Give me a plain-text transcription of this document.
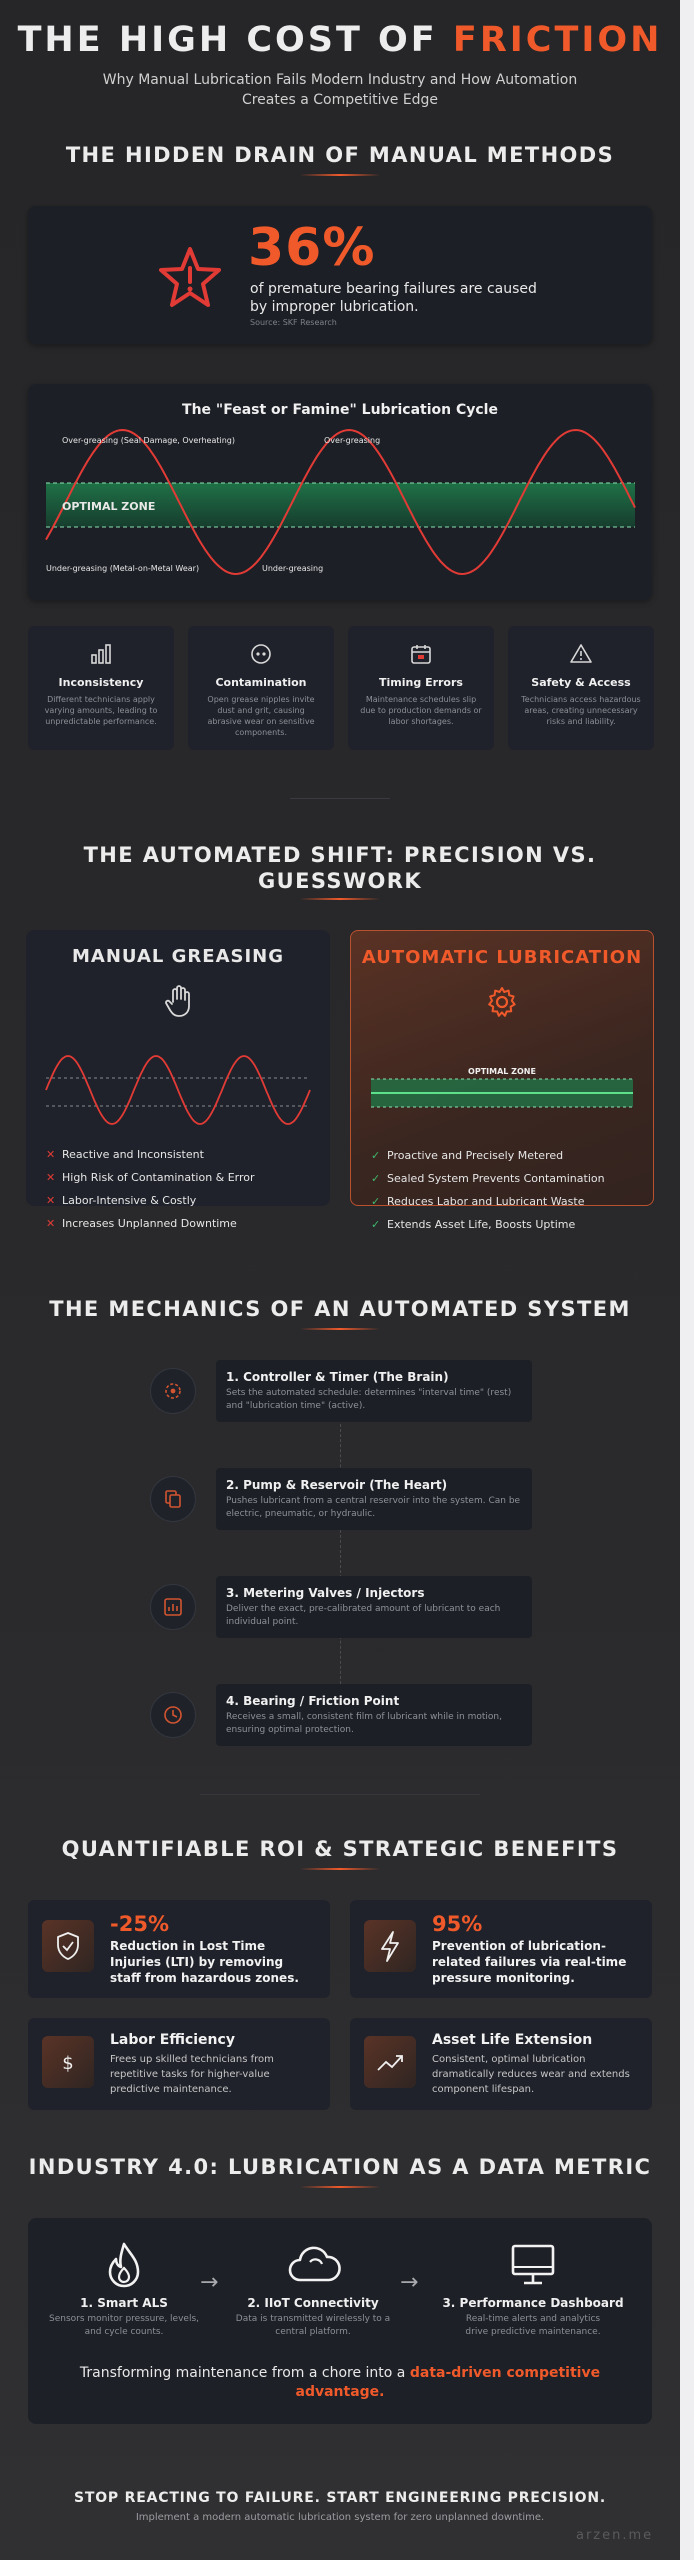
THE HIGH COST OF FRICTION
Why Manual Lubrication Fails Modern Industry and How Automation Creates a Competitive Edge
THE HIDDEN DRAIN OF MANUAL METHODS
36%
of premature bearing failures are caused by improper lubrication.
Source: SKF Research
The "Feast or Famine" Lubrication Cycle
Over-greasing (Seal Damage, Overheating)	Over-greasing
OPTIMAL ZONE
Under-greasing (Metal-on-Metal Wear)	Under-greasing
Inconsistency
Different technicians apply varying amounts, leading to unpredictable performance.
Contamination
Open grease nipples invite dust and grit, causing abrasive wear on sensitive components.
Timing Errors
Maintenance schedules slip due to production demands or labor shortages.
Safety & Access
Technicians access hazardous areas, creating unnecessary risks and liability.
THE AUTOMATED SHIFT: PRECISION VS. GUESSWORK
MANUAL GREASING
✕ Reactive and Inconsistent
✕ High Risk of Contamination & Error
✕ Labor-Intensive & Costly
✕ Increases Unplanned Downtime
AUTOMATIC LUBRICATION
OPTIMAL ZONE
✓ Proactive and Precisely Metered
✓ Sealed System Prevents Contamination
✓ Reduces Labor and Lubricant Waste
✓ Extends Asset Life, Boosts Uptime
THE MECHANICS OF AN AUTOMATED SYSTEM
1. Controller & Timer (The Brain)
Sets the automated schedule: determines "interval time" (rest) and "lubrication time" (active).
2. Pump & Reservoir (The Heart)
Pushes lubricant from a central reservoir into the system. Can be electric, pneumatic, or hydraulic.
3. Metering Valves / Injectors
Deliver the exact, pre-calibrated amount of lubricant to each individual point.
4. Bearing / Friction Point
Receives a small, consistent film of lubricant while in motion, ensuring optimal protection.
QUANTIFIABLE ROI & STRATEGIC BENEFITS
-25%
Reduction in Lost Time Injuries (LTI) by removing staff from hazardous zones.
95%
Prevention of lubrication-related failures via real-time pressure monitoring.
$
Labor Efficiency
Frees up skilled technicians from repetitive tasks for higher-value predictive maintenance.
Asset Life Extension
Consistent, optimal lubrication dramatically reduces wear and extends component lifespan.
INDUSTRY 4.0: LUBRICATION AS A DATA METRIC
1. Smart ALS
Sensors monitor pressure, levels, and cycle counts.
→
2. IIoT Connectivity
Data is transmitted wirelessly to a central platform.
→
3. Performance Dashboard
Real-time alerts and analytics drive predictive maintenance.
Transforming maintenance from a chore into a data-driven competitive advantage.
STOP REACTING TO FAILURE. START ENGINEERING PRECISION.
Implement a modern automatic lubrication system for zero unplanned downtime.
arzen.me
